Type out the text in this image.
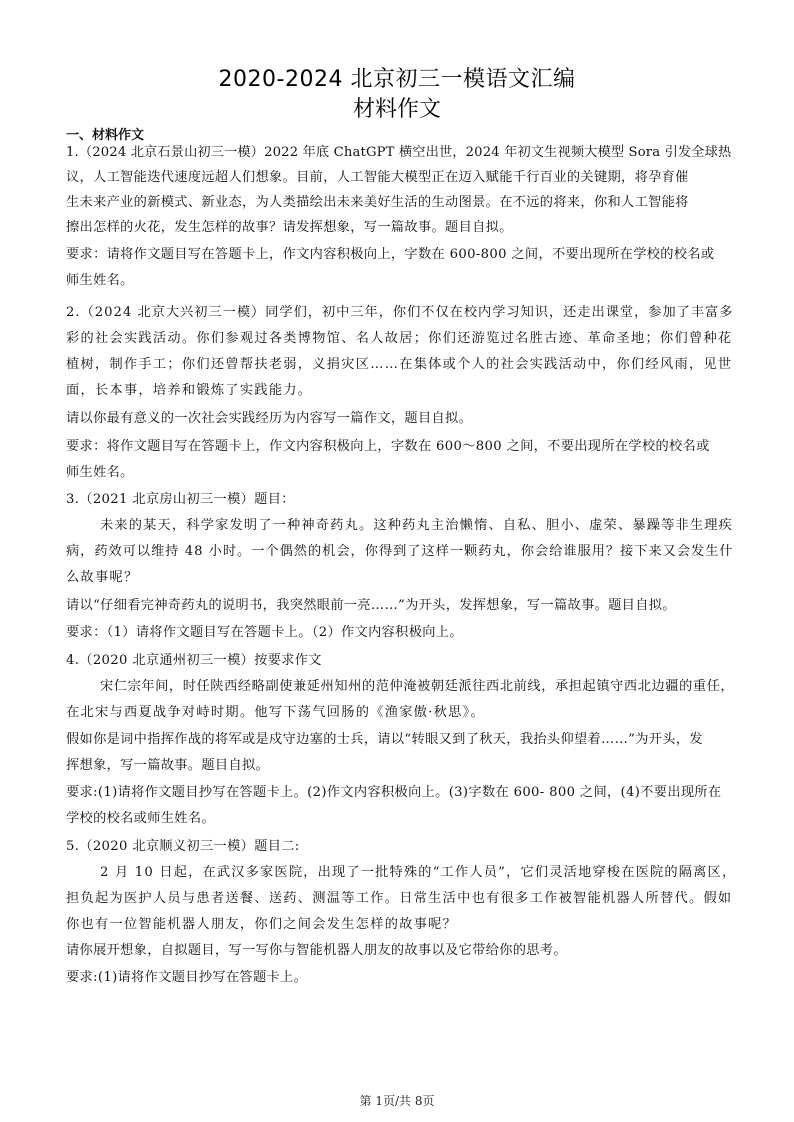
2020-2024 北京初三一模语文汇编
材料作文
一、材料作文
1.（2024 北京石景山初三一模）2022 年底 ChatGPT 横空出世，2024 年初文生视频大模型 Sora 引发全球热
议，人工智能迭代速度远超人们想象。目前，人工智能大模型正在迈入赋能千行百业的关键期，将孕育催
生未来产业的新模式、新业态，为人类描绘出未来美好生活的生动图景。在不远的将来，你和人工智能将
擦出怎样的火花，发生怎样的故事？请发挥想象，写一篇故事。题目自拟。
要求：请将作文题目写在答题卡上，作文内容积极向上，字数在 600-800 之间，不要出现所在学校的校名或
师生姓名。
2.（2024 北京大兴初三一模）同学们，初中三年，你们不仅在校内学习知识，还走出课堂，参加了丰富多
彩的社会实践活动。你们参观过各类博物馆、名人故居；你们还游览过名胜古迹、革命圣地；你们曾种花
植树，制作手工；你们还曾帮扶老弱，义捐灾区……在集体或个人的社会实践活动中，你们经风雨，见世
面，长本事，培养和锻炼了实践能力。
请以你最有意义的一次社会实践经历为内容写一篇作文，题目自拟。
要求：将作文题目写在答题卡上，作文内容积极向上，字数在 600～800 之间，不要出现所在学校的校名或
师生姓名。
3.（2021 北京房山初三一模）题目：
未来的某天，科学家发明了一种神奇药丸。这种药丸主治懒惰、自私、胆小、虚荣、暴躁等非生理疾
病，药效可以维持 48 小时。一个偶然的机会，你得到了这样一颗药丸，你会给谁服用？接下来又会发生什
么故事呢？
请以“仔细看完神奇药丸的说明书，我突然眼前一亮……”为开头，发挥想象，写一篇故事。题目自拟。
要求：（1）请将作文题目写在答题卡上。（2）作文内容积极向上。
4.（2020 北京通州初三一模）按要求作文
宋仁宗年间，时任陕西经略副使兼延州知州的范仲淹被朝廷派往西北前线，承担起镇守西北边疆的重任，
在北宋与西夏战争对峙时期。他写下荡气回肠的《渔家傲·秋思》。
假如你是词中指挥作战的将军或是戍守边塞的士兵，请以“转眼又到了秋天，我抬头仰望着……”为开头，发
挥想象，写一篇故事。题目自拟。
要求:(1)请将作文题目抄写在答题卡上。(2)作文内容积极向上。(3)字数在 600- 800 之间，(4)不要出现所在
学校的校名或师生姓名。
5.（2020 北京顺义初三一模）题目二:
2 月 10 日起，在武汉多家医院，出现了一批特殊的“工作人员”，它们灵活地穿梭在医院的隔离区，
担负起为医护人员与患者送餐、送药、测温等工作。日常生活中也有很多工作被智能机器人所替代。假如
你也有一位智能机器人朋友，你们之间会发生怎样的故事呢？
请你展开想象，自拟题目，写一写你与智能机器人朋友的故事以及它带给你的思考。
要求:(1)请将作文题目抄写在答题卡上。
第 1页/共 8页
